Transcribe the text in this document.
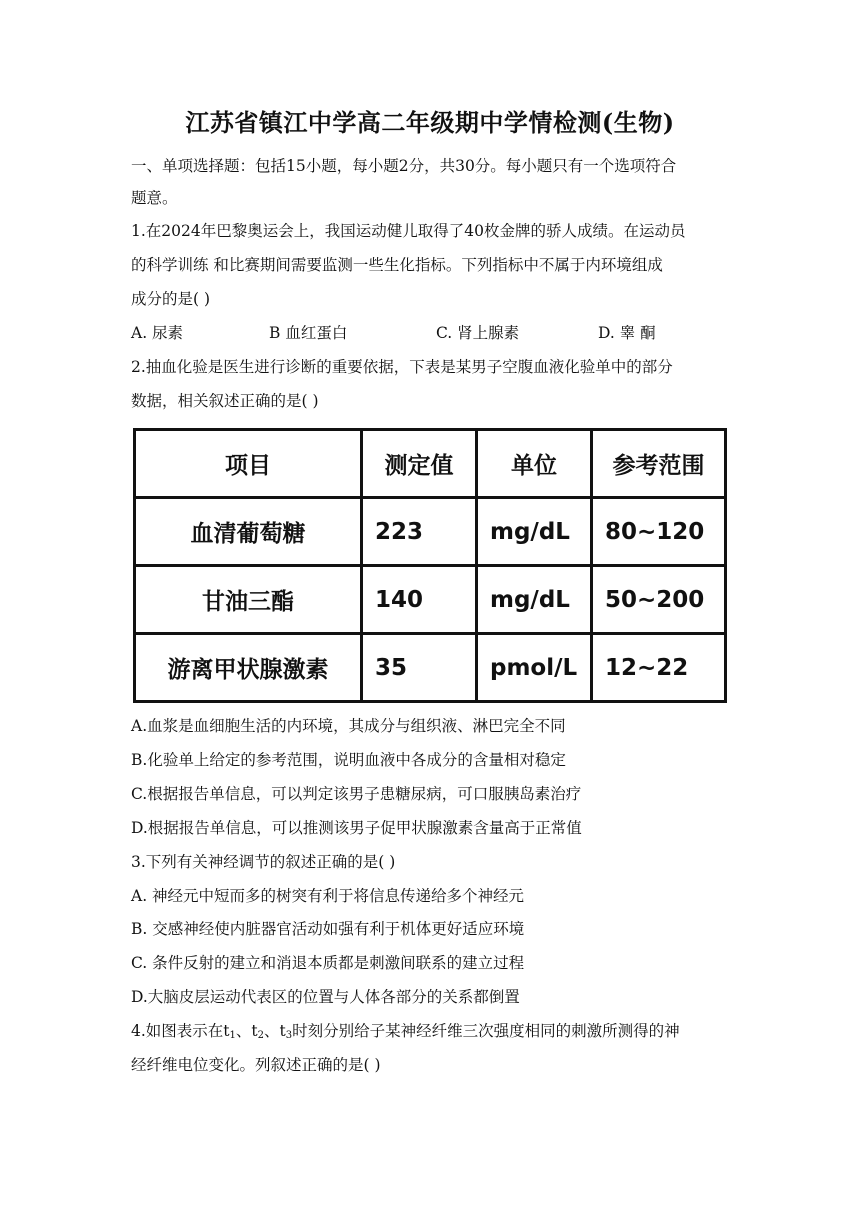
江苏省镇江中学高二年级期中学情检测(生物)
一、单项选择题：包括15小题，每小题2分，共30分。每小题只有一个选项符合
题意。
1.在2024年巴黎奥运会上，我国运动健儿取得了40枚金牌的骄人成绩。在运动员
的科学训练 和比赛期间需要监测一些生化指标。下列指标中不属于内环境组成
成分的是( )
A. 尿素	B 血红蛋白	C. 肾上腺素	D. 睾 酮
2.抽血化验是医生进行诊断的重要依据，下表是某男子空腹血液化验单中的部分
数据，相关叙述正确的是( )
项目	测定值	单位	参考范围
血清葡萄糖	223	mg/dL	80~120
甘油三酯	140	mg/dL	50~200
游离甲状腺激素	35	pmol/L	12~22
A.血浆是血细胞生活的内环境，其成分与组织液、淋巴完全不同
B.化验单上给定的参考范围，说明血液中各成分的含量相对稳定
C.根据报告单信息，可以判定该男子患糖尿病，可口服胰岛素治疗
D.根据报告单信息，可以推测该男子促甲状腺激素含量高于正常值
3.下列有关神经调节的叙述正确的是( )
A. 神经元中短而多的树突有利于将信息传递给多个神经元
B. 交感神经使内脏器官活动如强有利于机体更好适应环境
C. 条件反射的建立和消退本质都是刺激间联系的建立过程
D.大脑皮层运动代表区的位置与人体各部分的关系都倒置
4.如图表示在$t_1$、$t_2$、$t_3$时刻分别给子某神经纤维三次强度相同的刺激所测得的神
经纤维电位变化。列叙述正确的是( )
